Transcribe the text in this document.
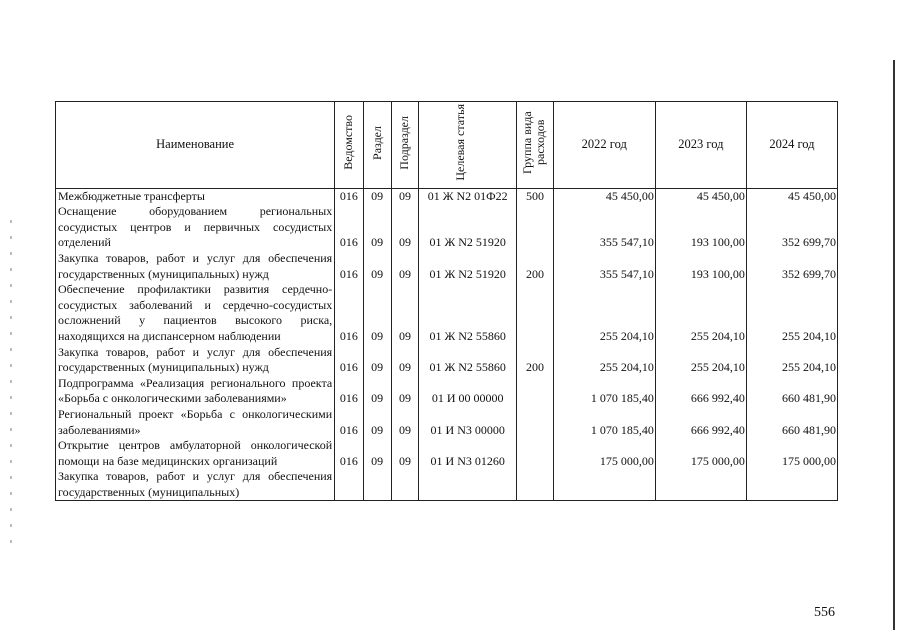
Наименование	Ведомство	Раздел	Подраздел	Целевая статья	Группа вида расходов	2022 год	2023 год	2024 год
Межбюджетные трансферты	016	09	09	01 Ж N2 01Ф22	500	45 450,00	45 450,00	45 450,00
Оснащение оборудованием региональных сосудистых центров и первичных сосудистых отделений	016	09	09	01 Ж N2 51920		355 547,10	193 100,00	352 699,70
Закупка товаров, работ и услуг для обеспечения государственных (муниципальных) нужд	016	09	09	01 Ж N2 51920	200	355 547,10	193 100,00	352 699,70
Обеспечение профилактики развития сердечно-сосудистых заболеваний и сердечно-сосудистых осложнений у пациентов высокого риска, находящихся на диспансерном наблюдении	016	09	09	01 Ж N2 55860		255 204,10	255 204,10	255 204,10
Закупка товаров, работ и услуг для обеспечения государственных (муниципальных) нужд	016	09	09	01 Ж N2 55860	200	255 204,10	255 204,10	255 204,10
Подпрограмма «Реализация регионального проекта «Борьба с онкологическими заболеваниями»	016	09	09	01 И 00 00000		1 070 185,40	666 992,40	660 481,90
Региональный проект «Борьба с онкологическими заболеваниями»	016	09	09	01 И N3 00000		1 070 185,40	666 992,40	660 481,90
Открытие центров амбулаторной онкологической помощи на базе медицинских организаций	016	09	09	01 И N3 01260		175 000,00	175 000,00	175 000,00
Закупка товаров, работ и услуг для обеспечения государственных (муниципальных)								
556
